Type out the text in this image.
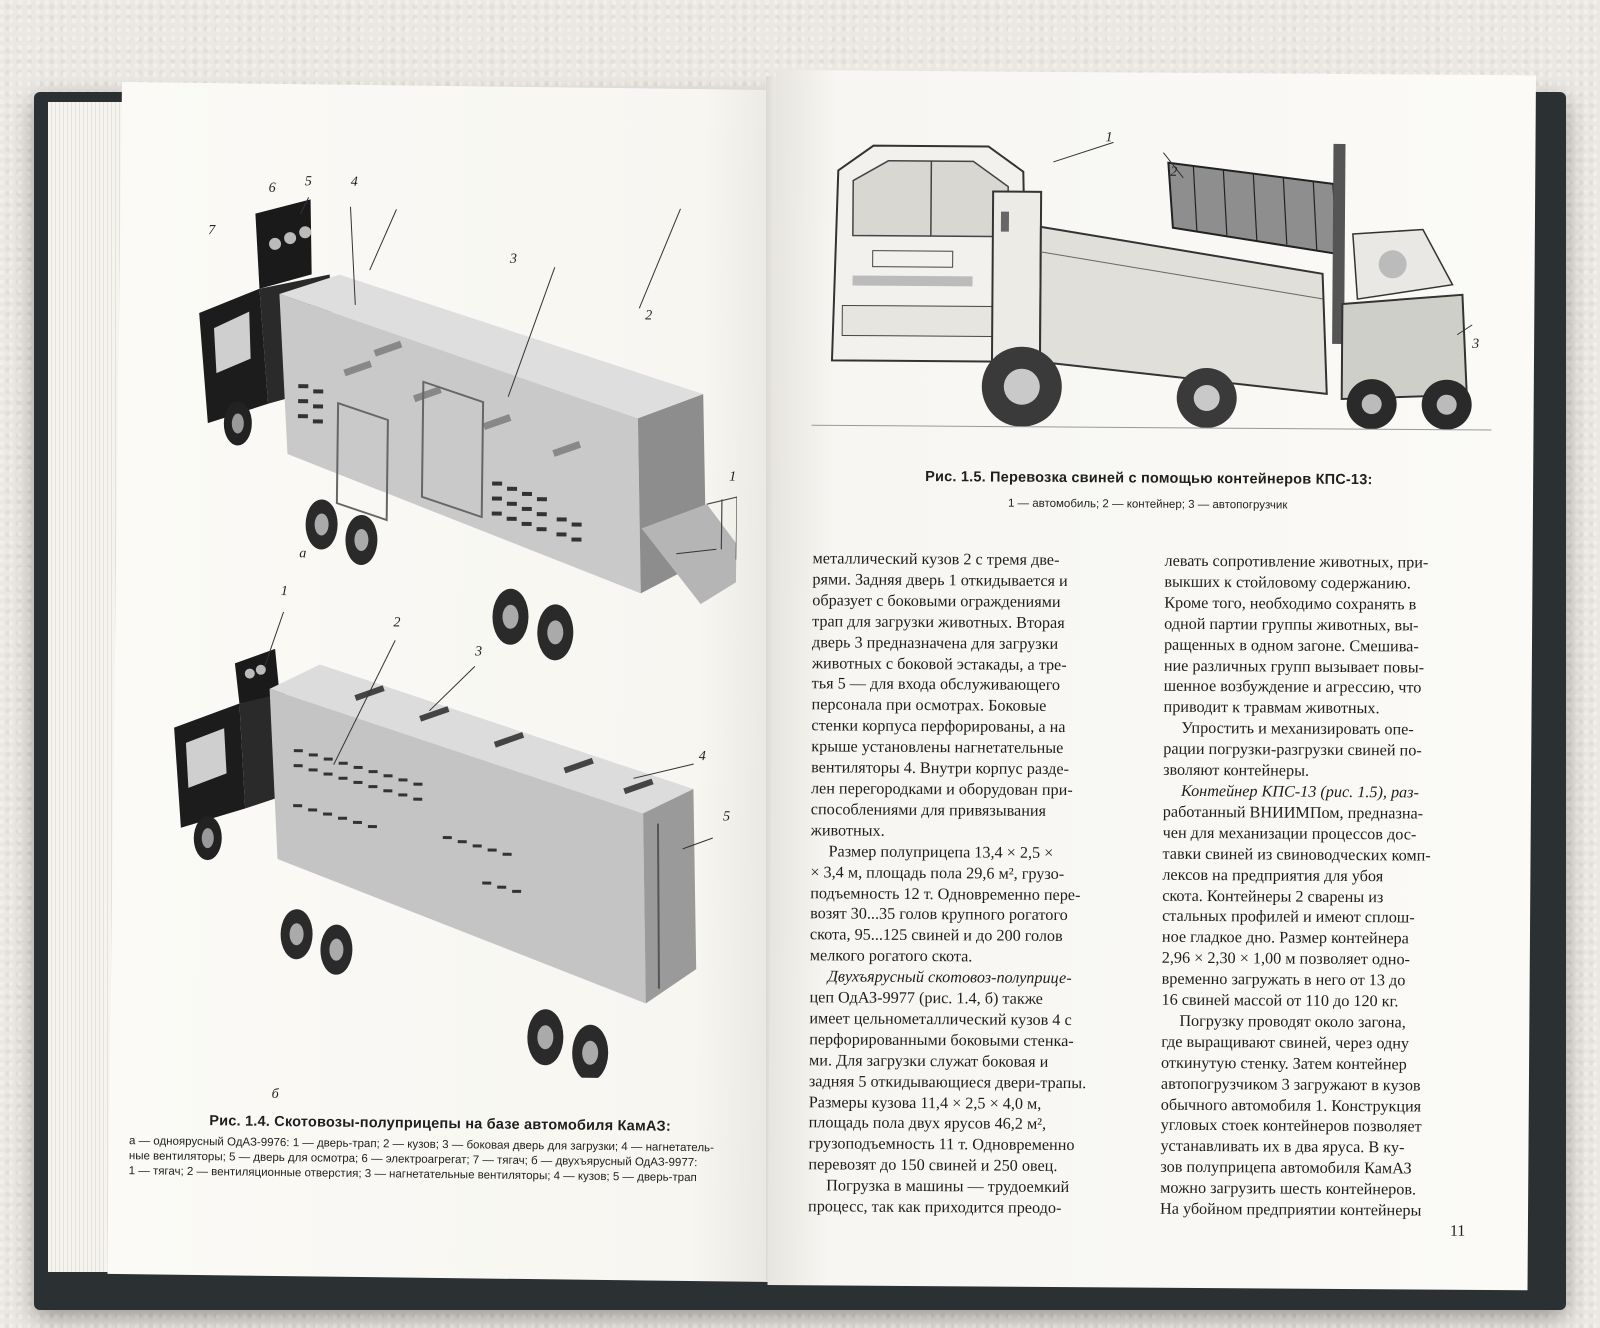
6
7
5	4
3
2
1
а
1
2
3
4
5
б
Рис. 1.4. Скотовозы-полуприцепы на базе автомобиля КамАЗ:
а — одноярусный ОдАЗ-9976: 1 — дверь-трап; 2 — кузов; 3 — боковая дверь для загрузки; 4 — нагнетатель-
ные вентиляторы; 5 — дверь для осмотра; 6 — электроагрегат; 7 — тягач; б — двухъярусный ОдАЗ-9977:
1 — тягач; 2 — вентиляционные отверстия; 3 — нагнетательные вентиляторы; 4 — кузов; 5 — дверь-трап
1
2
3
Рис. 1.5. Перевозка свиней с помощью контейнеров КПС-13:
1 — автомобиль; 2 — контейнер; 3 — автопогрузчик
металлический кузов 2 с тремя две-
рями. Задняя дверь 1 откидывается и
образует с боковыми ограждениями
трап для загрузки животных. Вторая
дверь 3 предназначена для загрузки
животных с боковой эстакады, а трe-
тья 5 — для входа обслуживающего
персонала при осмотрах. Боковые
стенки корпуса перфорированы, а на
крыше установлены нагнетательные
вентиляторы 4. Внутри корпус разде-
лен перегородками и оборудован при-
способлениями для привязывания
животных.
Размер полуприцепа 13,4 × 2,5 ×
× 3,4 м, площадь пола 29,6 м², грузо-
подъемность 12 т. Одновременно пере-
возят 30...35 голов крупного рогатого
скота, 95...125 свиней и до 200 голов
мелкого рогатого скота.
Двухъярусный скотовоз-полуприце-
цеп ОдАЗ-9977 (рис. 1.4, б) также
имеет цельнометаллический кузов 4 с
перфорированными боковыми стенка-
ми. Для загрузки служат боковая и
задняя 5 откидывающиеся двери-трапы.
Размеры кузова 11,4 × 2,5 × 4,0 м,
площадь пола двух ярусов 46,2 м²,
грузоподъемность 11 т. Одновременно
перевозят до 150 свиней и 250 овец.
Погрузка в машины — трудоемкий
процесс, так как приходится преодо-
левать сопротивление животных, при-
выкших к стойловому содержанию.
Кроме того, необходимо сохранять в
одной партии группы животных, вы-
ращенных в одном загоне. Смешива-
ние различных групп вызывает повы-
шенное возбуждение и агрессию, что
приводит к травмам животных.
Упростить и механизировать опе-
рации погрузки-разгрузки свиней по-
зволяют контейнеры.
Контейнер КПС-13 (рис. 1.5), раз-
работанный ВНИИМПом, предназна-
чен для механизации процессов дос-
тавки свиней из свиноводческих комп-
лексов на предприятия для убоя
скота. Контейнеры 2 сварены из
стальных профилей и имеют сплош-
ное гладкое дно. Размер контейнера
2,96 × 2,30 × 1,00 м позволяет одно-
временно загружать в него от 13 до
16 свиней массой от 110 до 120 кг.
Погрузку проводят около загона,
где выращивают свиней, через одну
откинутую стенку. Затем контейнер
автопогрузчиком 3 загружают в кузов
обычного автомобиля 1. Конструкция
угловых стоек контейнеров позволяет
устанавливать их в два яруса. В ку-
зов полуприцепа автомобиля КамАЗ
можно загрузить шесть контейнеров.
На убойном предприятии контейнеры
11
